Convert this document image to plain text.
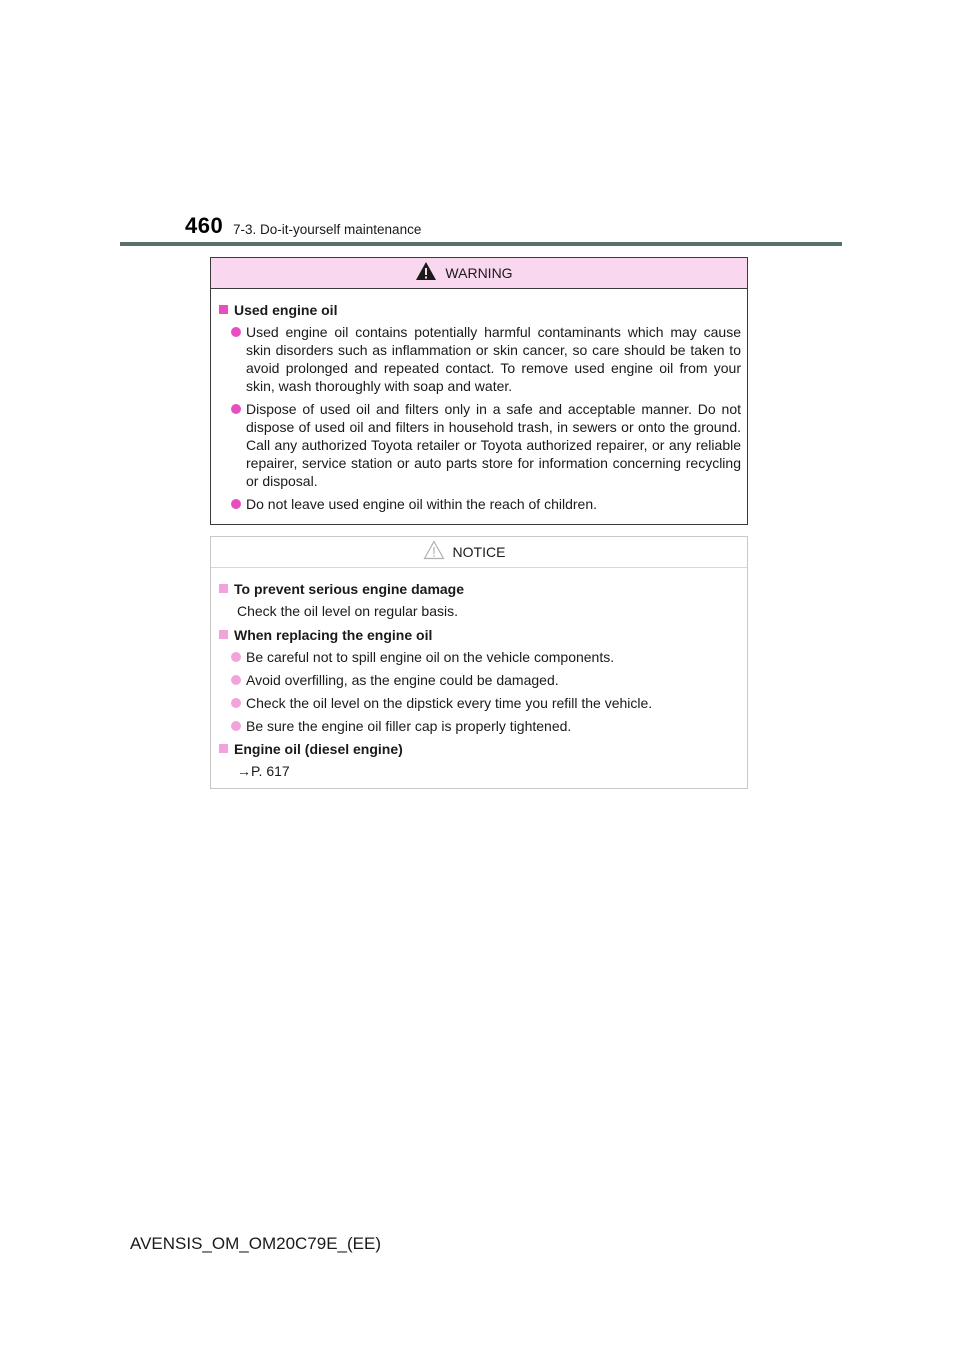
460 7-3. Do-it-yourself maintenance
WARNING
Used engine oil
Used engine oil contains potentially harmful contaminants which may cause skin disorders such as inflammation or skin cancer, so care should be taken to avoid prolonged and repeated contact. To remove used engine oil from your skin, wash thoroughly with soap and water.
Dispose of used oil and filters only in a safe and acceptable manner. Do not dispose of used oil and filters in household trash, in sewers or onto the ground. Call any authorized Toyota retailer or Toyota authorized repairer, or any reliable repairer, service station or auto parts store for information concerning recycling or disposal.
Do not leave used engine oil within the reach of children.
NOTICE
To prevent serious engine damage
Check the oil level on regular basis.
When replacing the engine oil
Be careful not to spill engine oil on the vehicle components.
Avoid overfilling, as the engine could be damaged.
Check the oil level on the dipstick every time you refill the vehicle.
Be sure the engine oil filler cap is properly tightened.
Engine oil (diesel engine)
→P. 617
AVENSIS_OM_OM20C79E_(EE)
